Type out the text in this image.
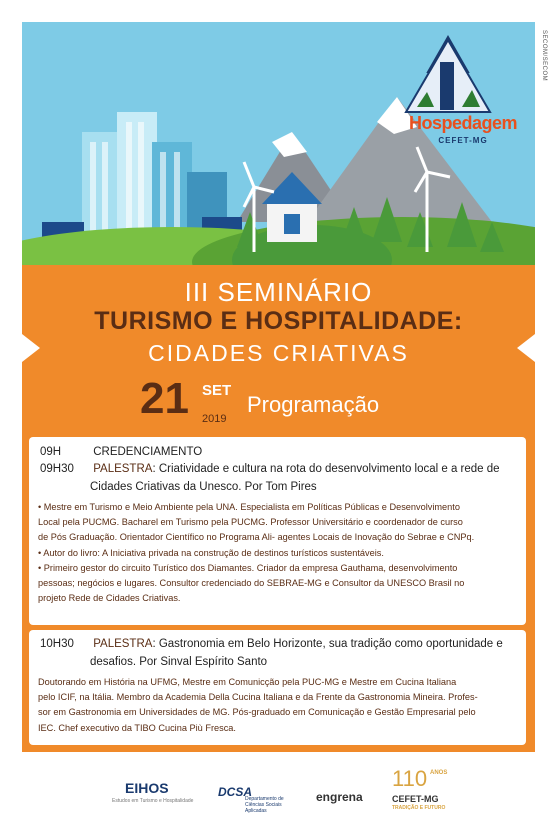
Hospedagem
CEFET-MG
SECOM/SECOM
III SEMINÁRIO
TURISMO E HOSPITALIDADE:
CIDADES CRIATIVAS
21 SET
2019
Programação
09H	CREDENCIAMENTO
09H30 PALESTRA: Criatividade e cultura na rota do desenvolvimento local e a rede de
Cidades Criativas da Unesco. Por Tom Pires
• Mestre em Turismo e Meio Ambiente pela UNA. Especialista em Políticas Públicas e Desenvolvimento
Local pela PUCMG. Bacharel em Turismo pela PUCMG. Professor Universitário e coordenador de curso
de Pós Graduação. Orientador Científico no Programa Ali- agentes Locais de Inovação do Sebrae e CNPq.
• Autor do livro: A Iniciativa privada na construção de destinos turísticos sustentáveis.
• Primeiro gestor do circuito Turístico dos Diamantes. Criador da empresa Gauthama, desenvolvimento
pessoas; negócios e lugares. Consultor credenciado do SEBRAE-MG e Consultor da UNESCO Brasil no
projeto Rede de Cidades Criativas.
10H30 PALESTRA: Gastronomia em Belo Horizonte, sua tradição como oportunidade e
desafios. Por Sinval Espírito Santo
Doutorando em História na UFMG, Mestre em Comunicção pela PUC-MG e Mestre em Cucina Italiana
pelo ICIF, na Itália. Membro da Academia Della Cucina Italiana e da Frente da Gastronomia Mineira. Profes-
sor em Gastronomia em Universidades de MG. Pós-graduado em Comunicação e Gestão Empresarial pelo
IEC. Chef executivo da TIBO Cucina Più Fresca.
EIHOS
Estudos em Turismo e Hospitalidade
DCSA
Departamento de Ciências Sociais Aplicadas
engrena
110 ANOS
CEFET-MG
TRADIÇÃO E FUTURO
